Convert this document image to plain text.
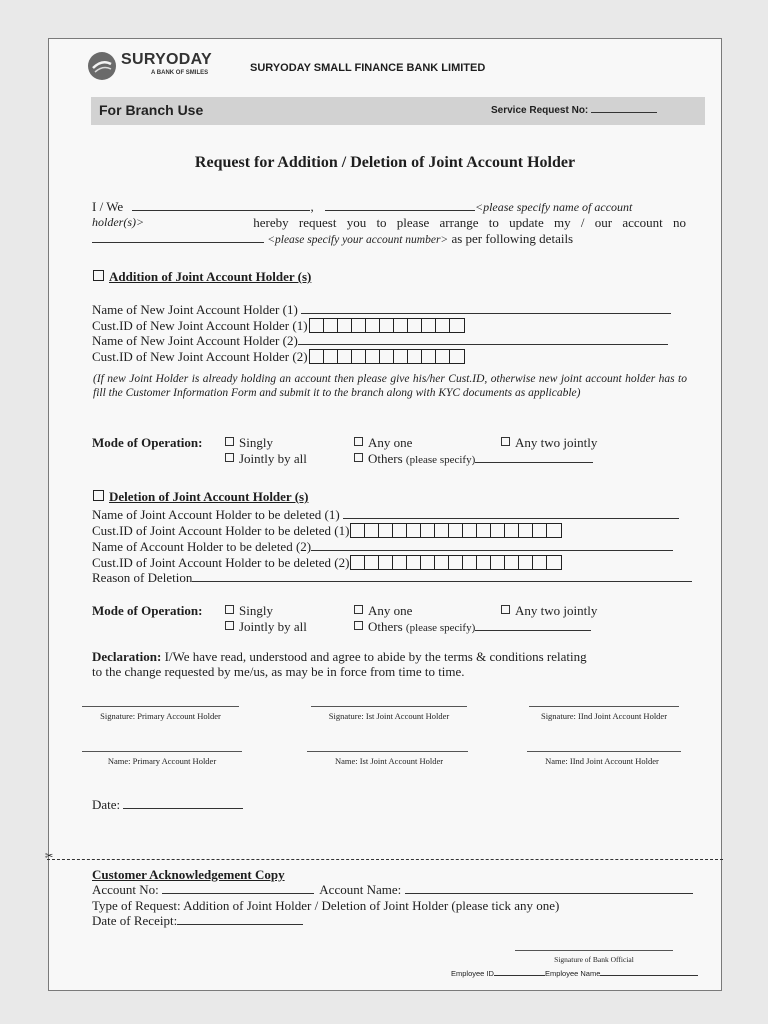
SURYODAY
A BANK OF SMILES	SURYODAY SMALL FINANCE BANK LIMITED
For Branch Use	Service Request No:
Request for Addition / Deletion of Joint Account Holder
I / We	,	<please specify name of account
holder(s)>	hereby request you to please arrange to update my / our account no
<please specify your account number> as per following details
Addition of Joint Account Holder (s)
Name of New Joint Account Holder (1)
Cust.ID of New Joint Account Holder (1)
Name of New Joint Account Holder (2)
Cust.ID of New Joint Account Holder (2)
(If new Joint Holder is already holding an account then please give his/her Cust.ID, otherwise new joint account holder has to fill the Customer Information Form and submit it to the branch along with KYC documents as applicable)
Mode of Operation:	Singly	Any one	Any two jointly
Jointly by all	Others (please specify)
Deletion of Joint Account Holder (s)
Name of Joint Account Holder to be deleted (1)
Cust.ID of Joint Account Holder to be deleted (1)
Name of Account Holder to be deleted (2)
Cust.ID of Joint Account Holder to be deleted (2)
Reason of Deletion
Mode of Operation:	Singly	Any one	Any two jointly
Jointly by all	Others (please specify)
Declaration: I/We have read, understood and agree to abide by the terms & conditions relating
to the change requested by me/us, as may be in force from time to time.
Signature: Primary Account Holder	Signature: Ist Joint Account Holder	Signature: IInd Joint Account Holder
Name: Primary Account Holder	Name: Ist Joint Account Holder	Name: IInd Joint Account Holder
Date:
✂
Customer Acknowledgement Copy
Account No:	Account Name:
Type of Request: Addition of Joint Holder / Deletion of Joint Holder (please tick any one)
Date of Receipt:
Signature of Bank Official
Employee ID	Employee Name
